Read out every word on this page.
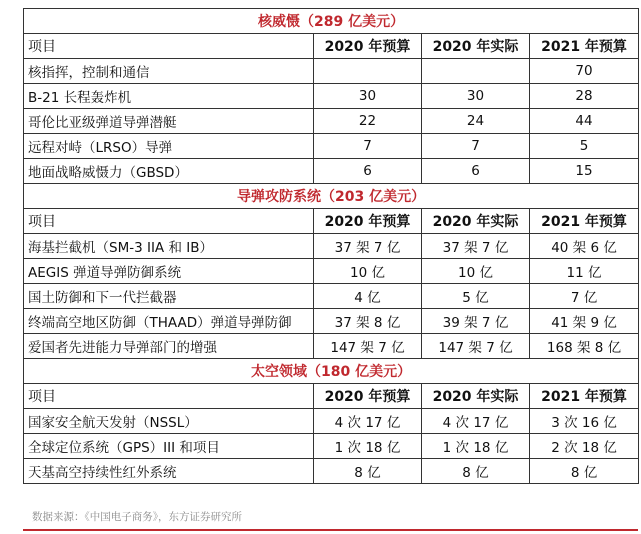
核威慑（289 亿美元）			
项目	2020 年预算	2020 年实际	2021 年预算
核指挥，控制和通信			70
B-21 长程轰炸机	30	30	28
哥伦比亚级弹道导弹潜艇	22	24	44
远程对峙（LRSO）导弹	7	7	5
地面战略威慑力（GBSD）	6	6	15
导弹攻防系统（203 亿美元）			
项目	2020 年预算	2020 年实际	2021 年预算
海基拦截机（SM-3 IIA 和 IB）	37 架 7 亿	37 架 7 亿	40 架 6 亿
AEGIS 弹道导弹防御系统	10 亿	10 亿	11 亿
国土防御和下一代拦截器	4 亿	5 亿	7 亿
终端高空地区防御（THAAD）弹道导弹防御	37 架 8 亿	39 架 7 亿	41 架 9 亿
爱国者先进能力导弹部门的增强	147 架 7 亿	147 架 7 亿	168 架 8 亿
太空领域（180 亿美元）			
项目	2020 年预算	2020 年实际	2021 年预算
国家安全航天发射（NSSL）	4 次 17 亿	4 次 17 亿	3 次 16 亿
全球定位系统（GPS）III 和项目	1 次 18 亿	1 次 18 亿	2 次 18 亿
天基高空持续性红外系统	8 亿	8 亿	8 亿
数据来源：《中国电子商务》，东方证券研究所
